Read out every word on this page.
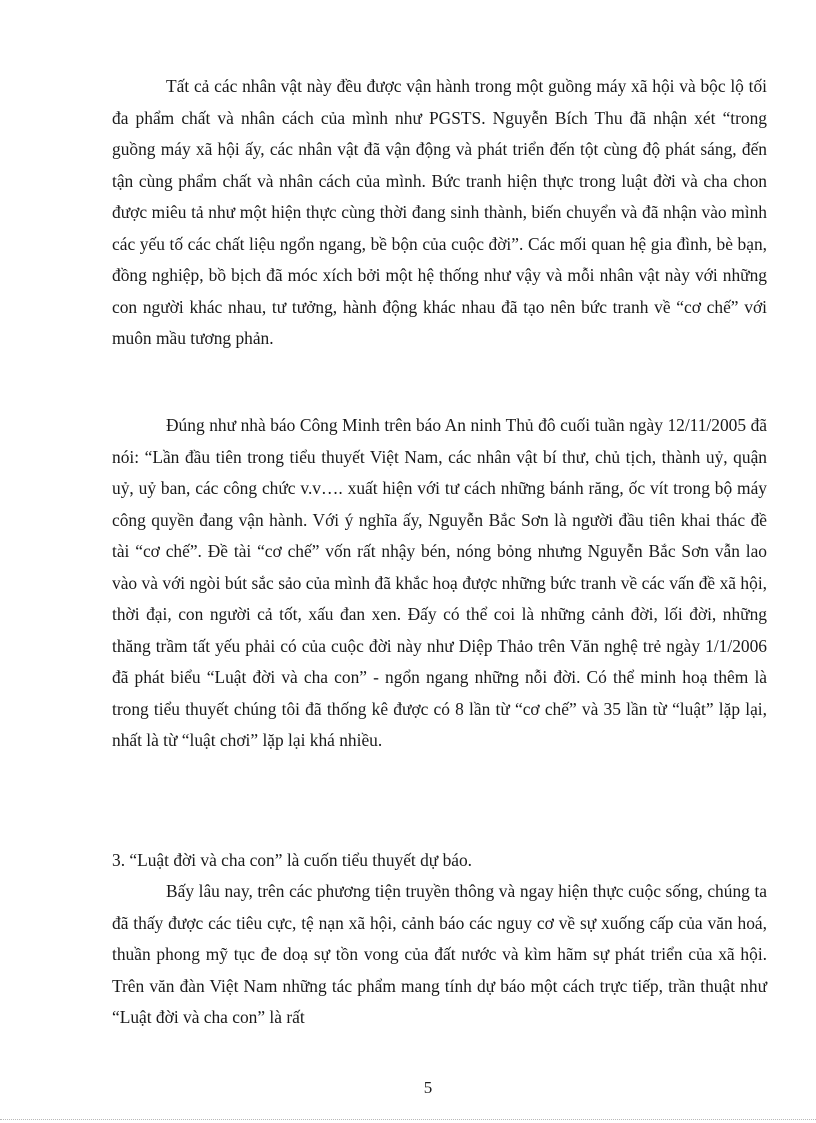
Tất cả các nhân vật này đều được vận hành trong một guồng máy xã hội và bộc lộ tối đa phẩm chất và nhân cách của mình như PGSTS. Nguyễn Bích Thu đã nhận xét “trong guồng máy xã hội ấy, các nhân vật đã vận động và phát triển đến tột cùng độ phát sáng, đến tận cùng phẩm chất và nhân cách của mình. Bức tranh hiện thực trong luật đời và cha chon được miêu tả như một hiện thực cùng thời đang sinh thành, biến chuyển và đã nhận vào mình các yếu tố các chất liệu ngổn ngang, bề bộn của cuộc đời”. Các mối quan hệ gia đình, bè bạn, đồng nghiệp, bồ bịch đã móc xích bởi một hệ thống như vậy và mỗi nhân vật này với những con người khác nhau, tư tưởng, hành động khác nhau đã tạo nên bức tranh về “cơ chế” với muôn mầu tương phản.

Đúng như nhà báo Công Minh trên báo An ninh Thủ đô cuối tuần ngày 12/11/2005 đã nói: “Lần đầu tiên trong tiểu thuyết Việt Nam, các nhân vật bí thư, chủ tịch, thành uỷ, quận uỷ, uỷ ban, các công chức v.v…. xuất hiện với tư cách những bánh răng, ốc vít trong bộ máy công quyền đang vận hành. Với ý nghĩa ấy, Nguyễn Bắc Sơn là người đầu tiên khai thác đề tài “cơ chế”. Đề tài “cơ chế” vốn rất nhậy bén, nóng bỏng nhưng Nguyễn Bắc Sơn vẫn lao vào và với ngòi bút sắc sảo của mình đã khắc hoạ được những bức tranh về các vấn đề xã hội, thời đại, con người cả tốt, xấu đan xen. Đấy có thể coi là những cảnh đời, lối đời, những thăng trầm tất yếu phải có của cuộc đời này như Diệp Thảo trên Văn nghệ trẻ ngày 1/1/2006 đã phát biểu “Luật đời và cha con” - ngổn ngang những nỗi đời. Có thể minh hoạ thêm là trong tiểu thuyết chúng tôi đã thống kê được có 8 lần từ “cơ chế” và 35 lần từ “luật” lặp lại, nhất là từ “luật chơi” lặp lại khá nhiều.

3. “Luật đời và cha con” là cuốn tiểu thuyết dự báo.

Bấy lâu nay, trên các phương tiện truyền thông và ngay hiện thực cuộc sống, chúng ta đã thấy được các tiêu cực, tệ nạn xã hội, cảnh báo các nguy cơ về sự xuống cấp của văn hoá, thuần phong mỹ tục đe doạ sự tồn vong của đất nước và kìm hãm sự phát triển của xã hội. Trên văn đàn Việt Nam những tác phẩm mang tính dự báo một cách trực tiếp, trần thuật như “Luật đời và cha con” là rất

5
